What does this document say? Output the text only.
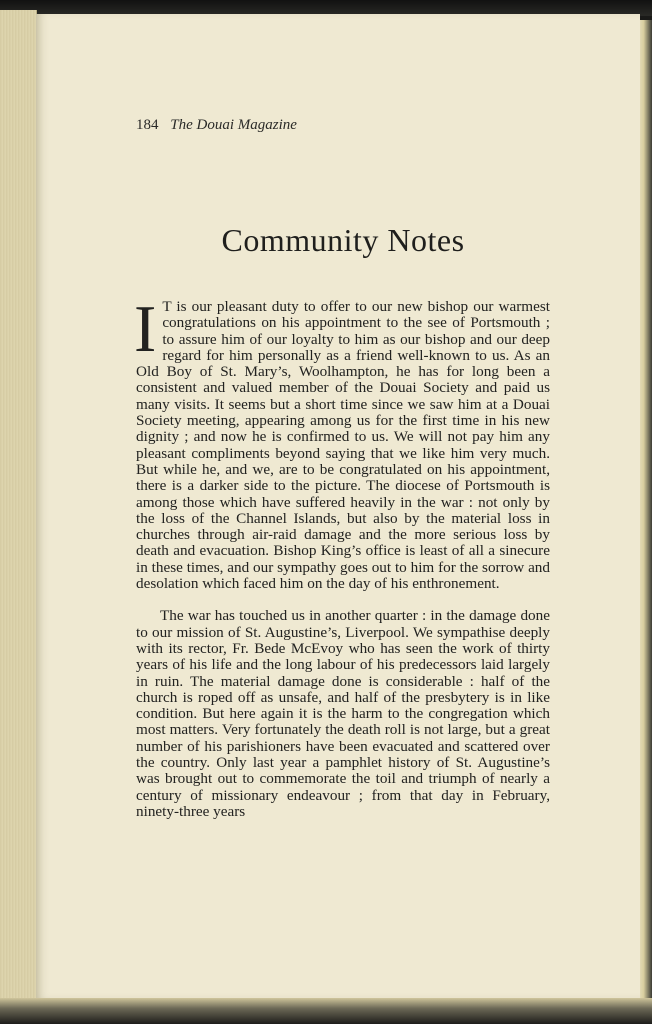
184 The Douai Magazine
Community Notes

I T is our pleasant duty to offer to our new bishop our warmest congratulations on his appointment to the see of Portsmouth ; to assure him of our loyalty to him as our bishop and our deep regard for him personally as a friend well-known to us. As an Old Boy of St. Mary’s, Woolhampton, he has for long been a consistent and valued member of the Douai Society and paid us many visits. It seems but a short time since we saw him at a Douai Society meeting, appearing among us for the first time in his new dignity ; and now he is confirmed to us. We will not pay him any pleasant compliments beyond saying that we like him very much. But while he, and we, are to be congratulated on his appointment, there is a darker side to the picture. The diocese of Portsmouth is among those which have suffered heavily in the war : not only by the loss of the Channel Islands, but also by the material loss in churches through air-raid damage and the more serious loss by death and evacuation. Bishop King’s office is least of all a sinecure in these times, and our sympathy goes out to him for the sorrow and desolation which faced him on the day of his enthronement.

The war has touched us in another quarter : in the damage done to our mission of St. Augustine’s, Liverpool. We sympathise deeply with its rector, Fr. Bede McEvoy who has seen the work of thirty years of his life and the long labour of his predecessors laid largely in ruin. The material damage done is considerable : half of the church is roped off as unsafe, and half of the presbytery is in like condition. But here again it is the harm to the congregation which most matters. Very fortunately the death roll is not large, but a great number of his parishioners have been evacuated and scattered over the country. Only last year a pamphlet history of St. Augustine’s was brought out to commemorate the toil and triumph of nearly a century of missionary endeavour ; from that day in February, ninety-three years
